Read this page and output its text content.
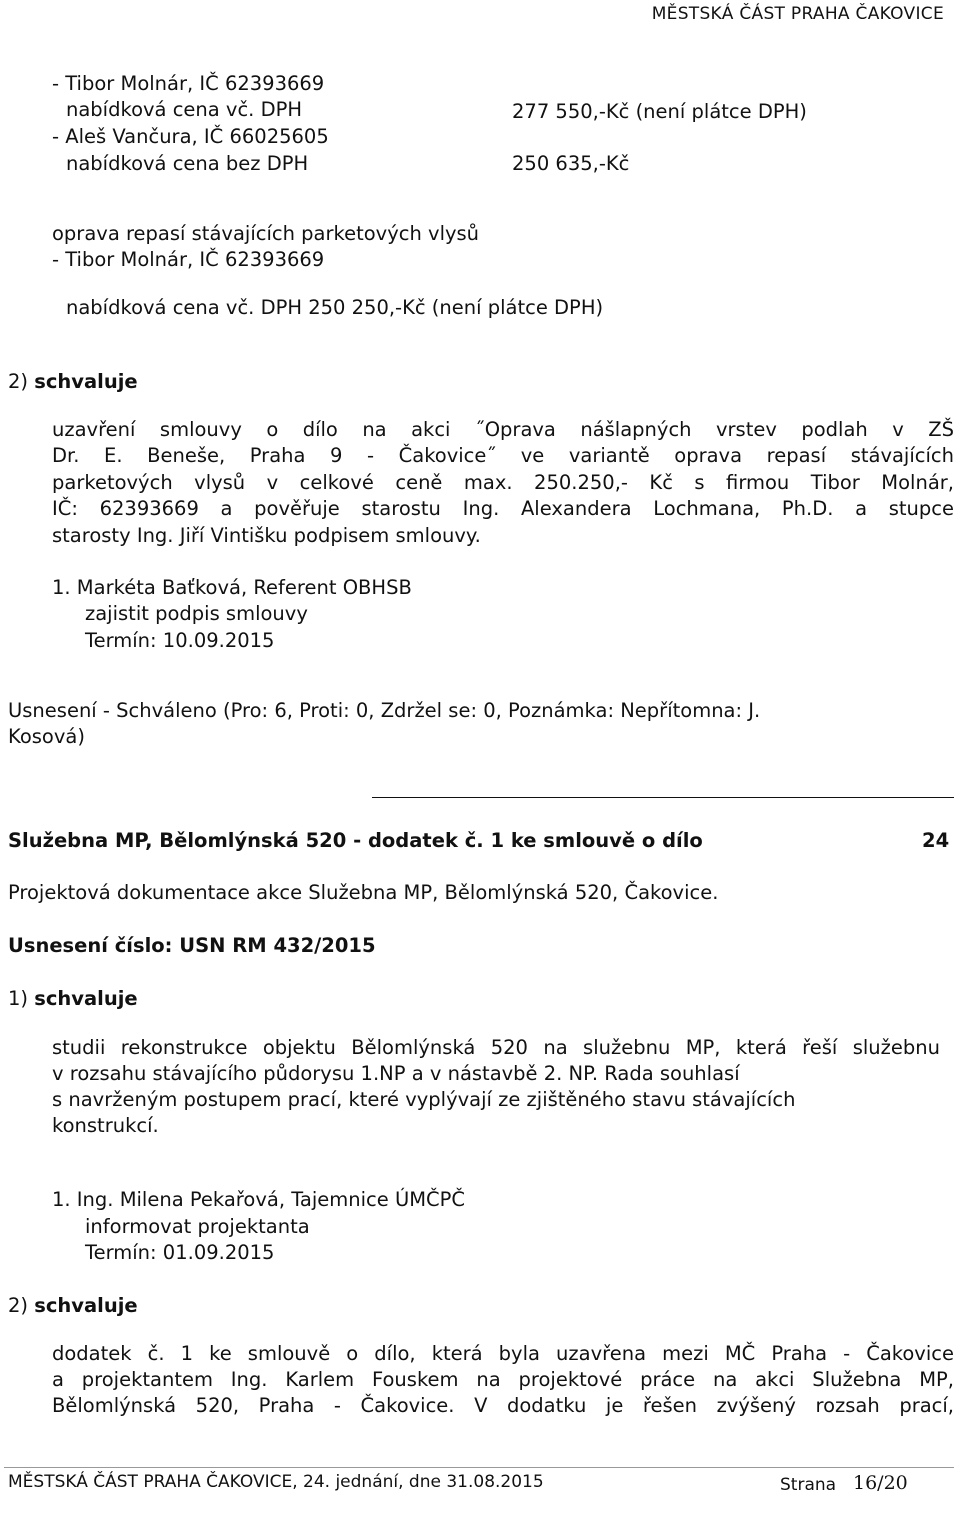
MĚSTSKÁ ČÁST PRAHA ČAKOVICE
- Tibor Molnár, IČ 62393669
nabídková cena vč. DPH	277 550,-Kč (není plátce DPH)
- Aleš Vančura, IČ 66025605
nabídková cena bez DPH	250 635,-Kč
oprava repasí stávajících parketových vlysů
- Tibor Molnár, IČ 62393669
nabídková cena vč. DPH 250 250,-Kč (není plátce DPH)
2) schvaluje
uzavření smlouvy o dílo na akci ˝Oprava nášlapných vrstev podlah v ZŠ
Dr. E. Beneše, Praha 9 - Čakovice˝ ve variantě oprava repasí stávajících
parketových vlysů v celkové ceně max. 250.250,- Kč s firmou Tibor Molnár,
IČ: 62393669 a pověřuje starostu Ing. Alexandera Lochmana, Ph.D. a stupce
starosty Ing. Jiří Vintišku podpisem smlouvy.
1. Markéta Baťková, Referent OBHSB
zajistit podpis smlouvy
Termín: 10.09.2015
Usnesení - Schváleno (Pro: 6, Proti: 0, Zdržel se: 0, Poznámka: Nepřítomna: J.
Kosová)
Služebna MP, Bělomlýnská 520 - dodatek č. 1 ke smlouvě o dílo	24
Projektová dokumentace akce Služebna MP, Bělomlýnská 520, Čakovice.
Usnesení číslo: USN RM 432/2015
1) schvaluje
studii rekonstrukce objektu Bělomlýnská 520 na služebnu MP, která řeší služebnu
v rozsahu stávajícího půdorysu 1.NP a v nástavbě 2. NP. Rada souhlasí
s navrženým postupem prací, které vyplývají ze zjištěného stavu stávajících
konstrukcí.
1. Ing. Milena Pekařová, Tajemnice ÚMČPČ
informovat projektanta
Termín: 01.09.2015
2) schvaluje
dodatek č. 1 ke smlouvě o dílo, která byla uzavřena mezi MČ Praha - Čakovice
a projektantem Ing. Karlem Fouskem na projektové práce na akci Služebna MP,
Bělomlýnská 520, Praha - Čakovice. V dodatku je řešen zvýšený rozsah prací,
MĚSTSKÁ ČÁST PRAHA ČAKOVICE, 24. jednání, dne 31.08.2015	Strana 16/20
